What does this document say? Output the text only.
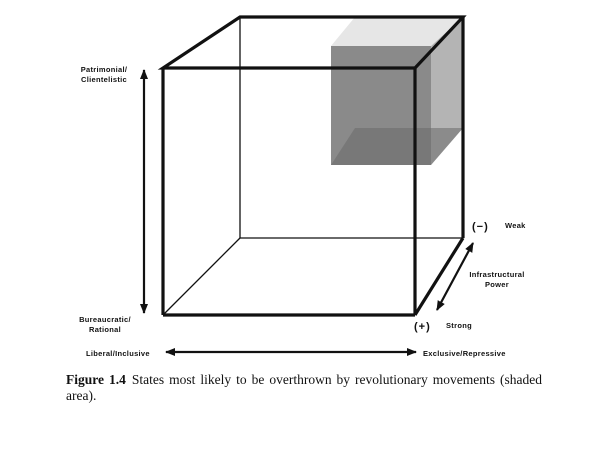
Patrimonial/
Clientelistic
Bureaucratic/
Rational
Liberal/Inclusive	Exclusive/Repressive
(−) Weak
Infrastructural
Power
(+) Strong
Figure 1.4 States most likely to be overthrown by revolutionary movements (shaded area).
